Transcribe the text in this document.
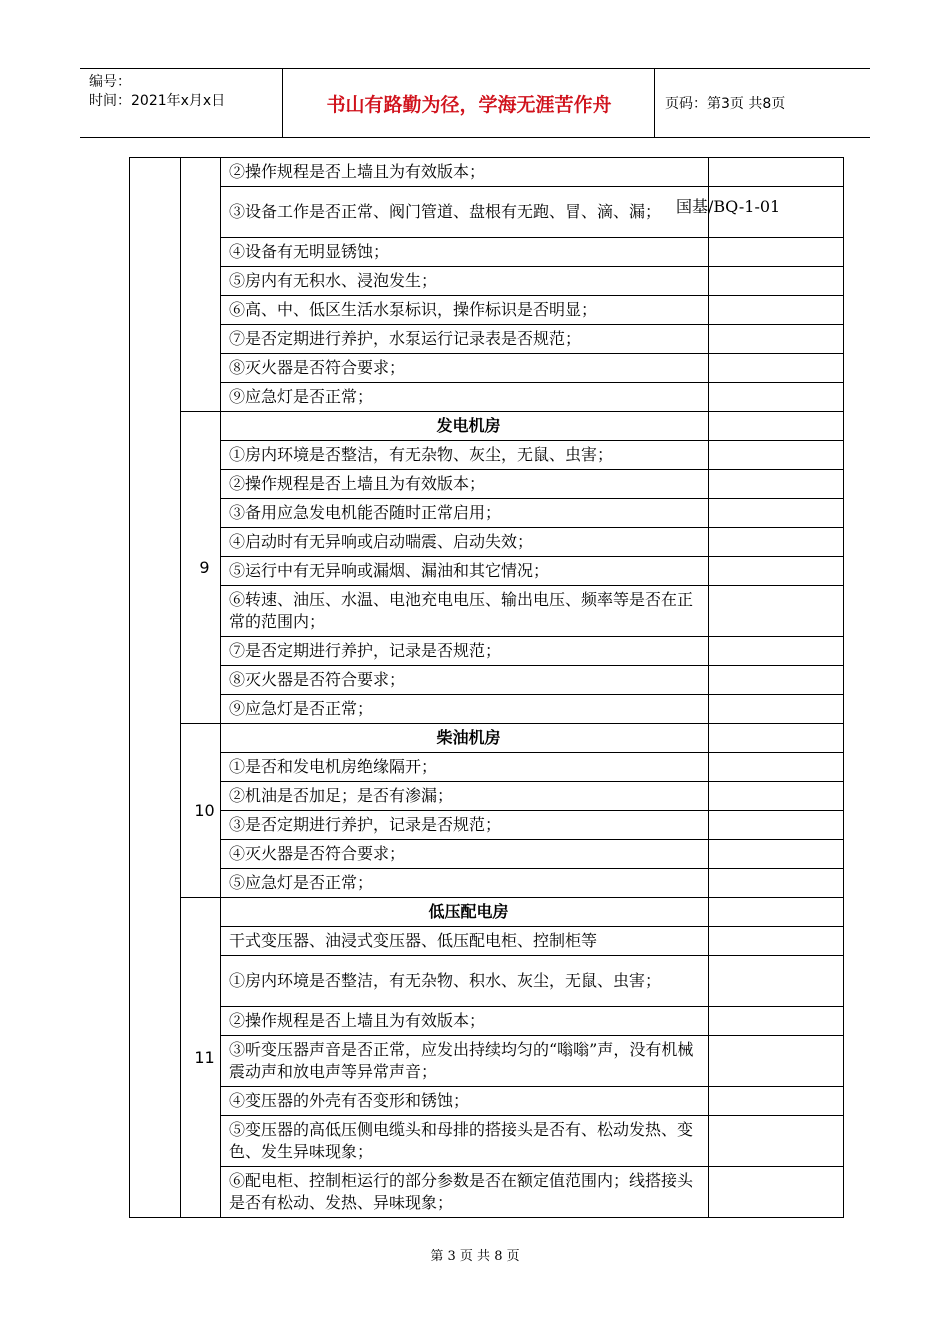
编号：
时间：2021年x月x日	书山有路勤为径，学海无涯苦作舟	页码：第3页 共8页
		②操作规程是否上墙且为有效版本；	
		③设备工作是否正常、阀门管道、盘根有无跑、冒、滴、漏；	
		④设备有无明显锈蚀；	
		⑤房内有无积水、浸泡发生；	
		⑥高、中、低区生活水泵标识，操作标识是否明显；	
		⑦是否定期进行养护，水泵运行记录表是否规范；	
		⑧灭火器是否符合要求；	
		⑨应急灯是否正常；	
	9	发电机房	
		①房内环境是否整洁，有无杂物、灰尘，无鼠、虫害；	
		②操作规程是否上墙且为有效版本；	
		③备用应急发电机能否随时正常启用；	
		④启动时有无异响或启动喘震、启动失效；	
		⑤运行中有无异响或漏烟、漏油和其它情况；	
		⑥转速、油压、水温、电池充电电压、输出电压、频率等是否在正常的范围内；	
		⑦是否定期进行养护，记录是否规范；	
		⑧灭火器是否符合要求；	
		⑨应急灯是否正常；	
	10	柴油机房	
		①是否和发电机房绝缘隔开；	
		②机油是否加足；是否有渗漏；	
		③是否定期进行养护，记录是否规范；	
		④灭火器是否符合要求；	
		⑤应急灯是否正常；	
	11	低压配电房	
		干式变压器、油浸式变压器、低压配电柜、控制柜等	
		①房内环境是否整洁，有无杂物、积水、灰尘，无鼠、虫害；	
		②操作规程是否上墙且为有效版本；	
		③听变压器声音是否正常，应发出持续均匀的“嗡嗡”声，没有机械震动声和放电声等异常声音；	
		④变压器的外壳有否变形和锈蚀；	
		⑤变压器的高低压侧电缆头和母排的搭接头是否有、松动发热、变色、发生异味现象；	
		⑥配电柜、控制柜运行的部分参数是否在额定值范围内；线搭接头是否有松动、发热、异味现象；	
国基/BQ-1-01
第 3 页 共 8 页
